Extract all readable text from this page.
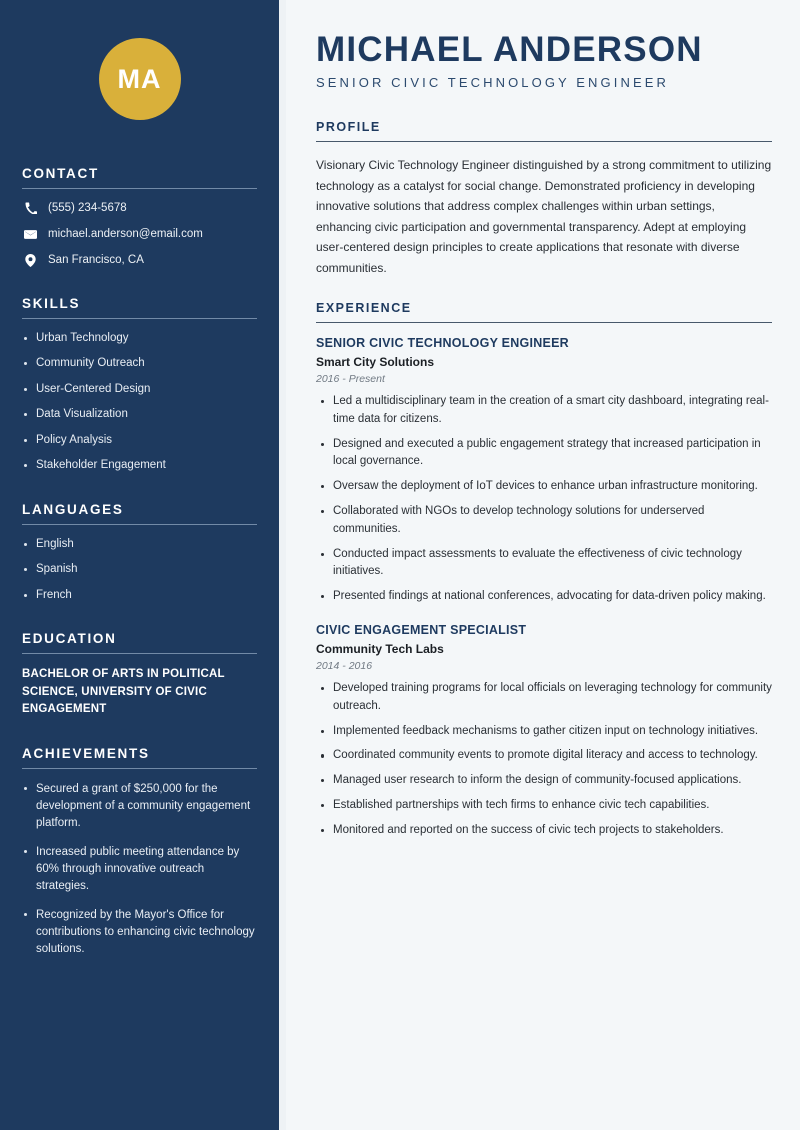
MA
CONTACT
(555) 234-5678
michael.anderson@email.com
San Francisco, CA
SKILLS
Urban Technology
Community Outreach
User-Centered Design
Data Visualization
Policy Analysis
Stakeholder Engagement
LANGUAGES
English
Spanish
French
EDUCATION
BACHELOR OF ARTS IN POLITICAL SCIENCE, UNIVERSITY OF CIVIC ENGAGEMENT
ACHIEVEMENTS
Secured a grant of $250,000 for the development of a community engagement platform.
Increased public meeting attendance by 60% through innovative outreach strategies.
Recognized by the Mayor's Office for contributions to enhancing civic technology solutions.
MICHAEL ANDERSON
SENIOR CIVIC TECHNOLOGY ENGINEER
PROFILE

Visionary Civic Technology Engineer distinguished by a strong commitment to utilizing technology as a catalyst for social change. Demonstrated proficiency in developing innovative solutions that address complex challenges within urban settings, enhancing civic participation and governmental transparency. Adept at employing user-centered design principles to create applications that resonate with diverse communities.

EXPERIENCE
SENIOR CIVIC TECHNOLOGY ENGINEER
Smart City Solutions
2016 - Present
Led a multidisciplinary team in the creation of a smart city dashboard, integrating real-time data for citizens.
Designed and executed a public engagement strategy that increased participation in local governance.
Oversaw the deployment of IoT devices to enhance urban infrastructure monitoring.
Collaborated with NGOs to develop technology solutions for underserved communities.
Conducted impact assessments to evaluate the effectiveness of civic technology initiatives.
Presented findings at national conferences, advocating for data-driven policy making.
CIVIC ENGAGEMENT SPECIALIST
Community Tech Labs
2014 - 2016
Developed training programs for local officials on leveraging technology for community outreach.
Implemented feedback mechanisms to gather citizen input on technology initiatives.
Coordinated community events to promote digital literacy and access to technology.
Managed user research to inform the design of community-focused applications.
Established partnerships with tech firms to enhance civic tech capabilities.
Monitored and reported on the success of civic tech projects to stakeholders.
